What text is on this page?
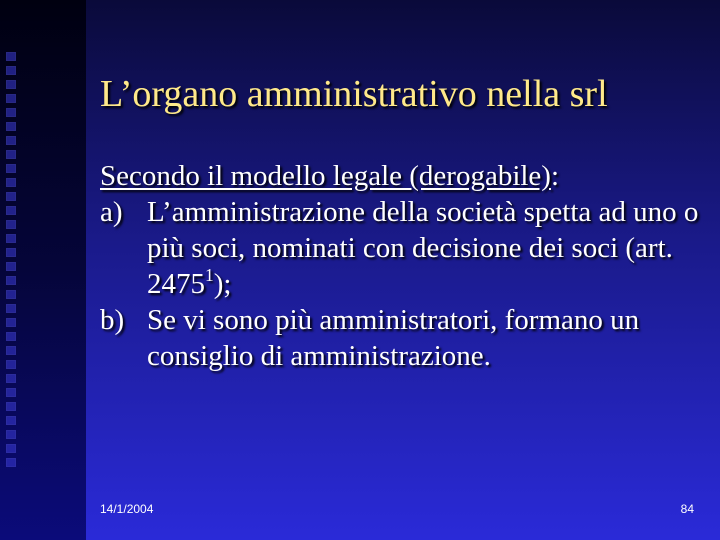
L’organo amministrativo nella srl
Secondo il modello legale (derogabile):
a) L’amministrazione della società spetta ad uno o più soci, nominati con decisione dei soci (art. 2475$^1$);
b) Se vi sono più amministratori, formano un consiglio di amministrazione.
14/1/2004	84
